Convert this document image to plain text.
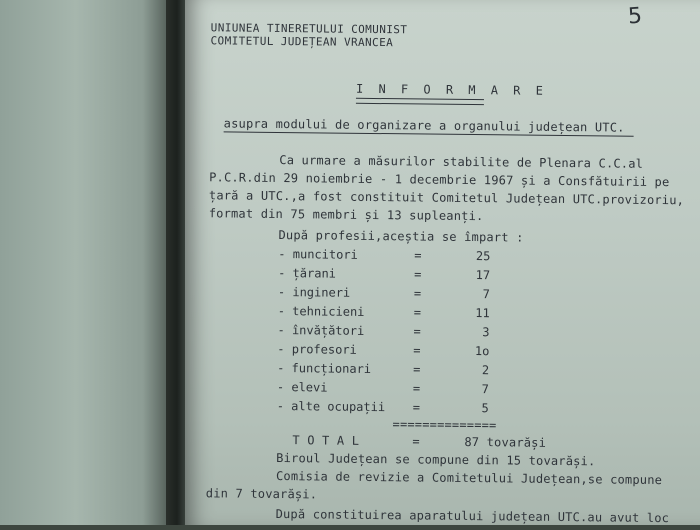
5
UNIUNEA TINERETULUI COMUNIST
COMITETUL JUDEȚEAN VRANCEA
I N F O R M A R E
asupra modului de organizare a organului județean UTC.
Ca urmare a măsurilor stabilite de Plenara C.C.al
P.C.R.din 29 noiembrie - 1 decembrie 1967 și a Consfătuirii pe
țară a UTC.,a fost constituit Comitetul Județean UTC.provizoriu,
format din 75 membri și 13 supleanți.
După profesii,aceștia se împart :
- muncitori	=	25
- țărani	=	17
- ingineri	=	7
- tehnicieni	=	11
- învățători	=	3
- profesori	=	1o
- funcționari	=	2
- elevi	=	7
- alte ocupații =	5
==============
T O T A L	=	87 tovarăși
Biroul Județean se compune din 15 tovarăși.
Comisia de revizie a Comitetului Județean,se compune
din 7 tovarăși.
După constituirea aparatului județean UTC.au avut loc
